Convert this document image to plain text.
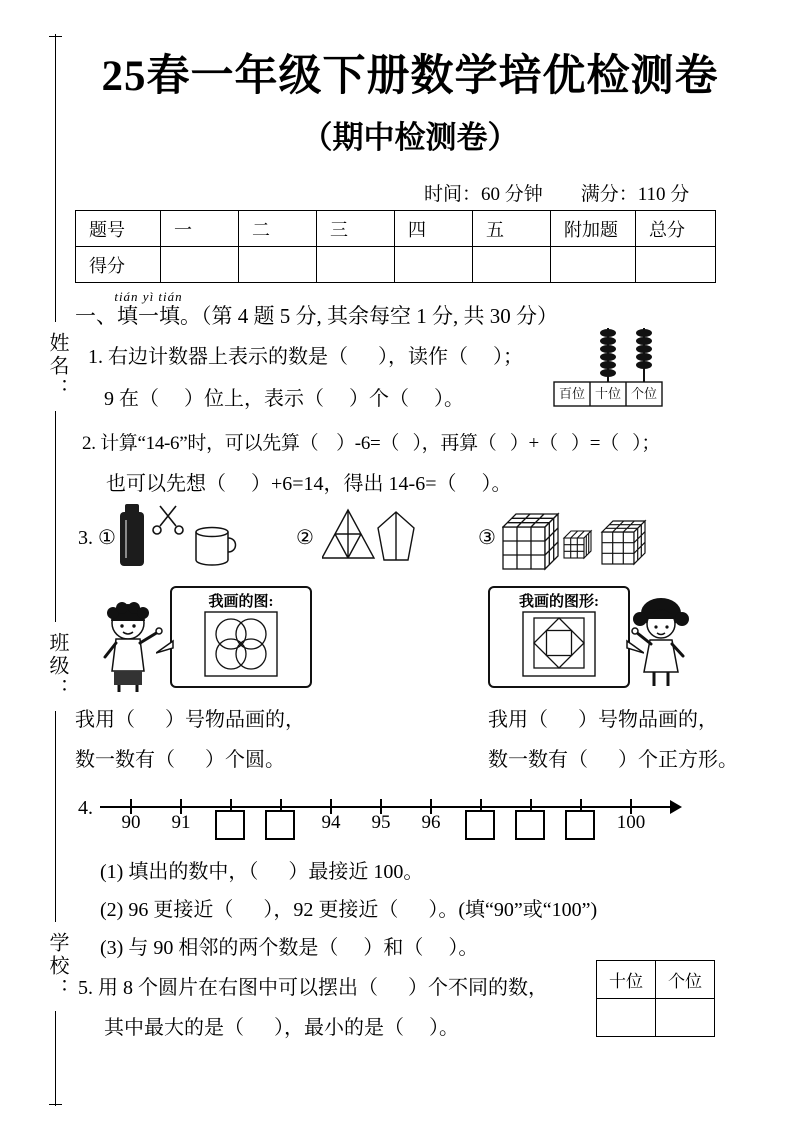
姓名：
班级：
学校：
25春一年级下册数学培优检测卷
（期中检测卷）
时间：60 分钟　　满分：110 分
题号	一	二	三	四	五	附加题	总分
得分							
一、
tián yì tián
填一填。（第 4 题 5 分, 其余每空 1 分, 共 30 分）
1. 右边计数器上表示的数是（      ），读作（     ）；
9 在（     ）位上，表示（     ）个（     ）。	百位 十位 个位
2. 计算“14-6”时，可以先算（    ）-6=（   ），再算（   ）+（   ）=（   ）；
也可以先想（     ）+6=14，得出 14-6=（     ）。
3. ①	②	③
我画的图:	我画的图形:
我用（      ）号物品画的，
数一数有（      ）个圆。
我用（      ）号物品画的，
数一数有（      ）个正方形。
4.
90 91	94 95 96	100
(1) 填出的数中，（      ）最接近 100。
(2) 96 更接近（      ），92 更接近（      ）。(填“90”或“100”)
(3) 与 90 相邻的两个数是（     ）和（     ）。
5. 用 8 个圆片在右图中可以摆出（      ）个不同的数，
其中最大的是（      ），最小的是（     ）。
十位	个位
